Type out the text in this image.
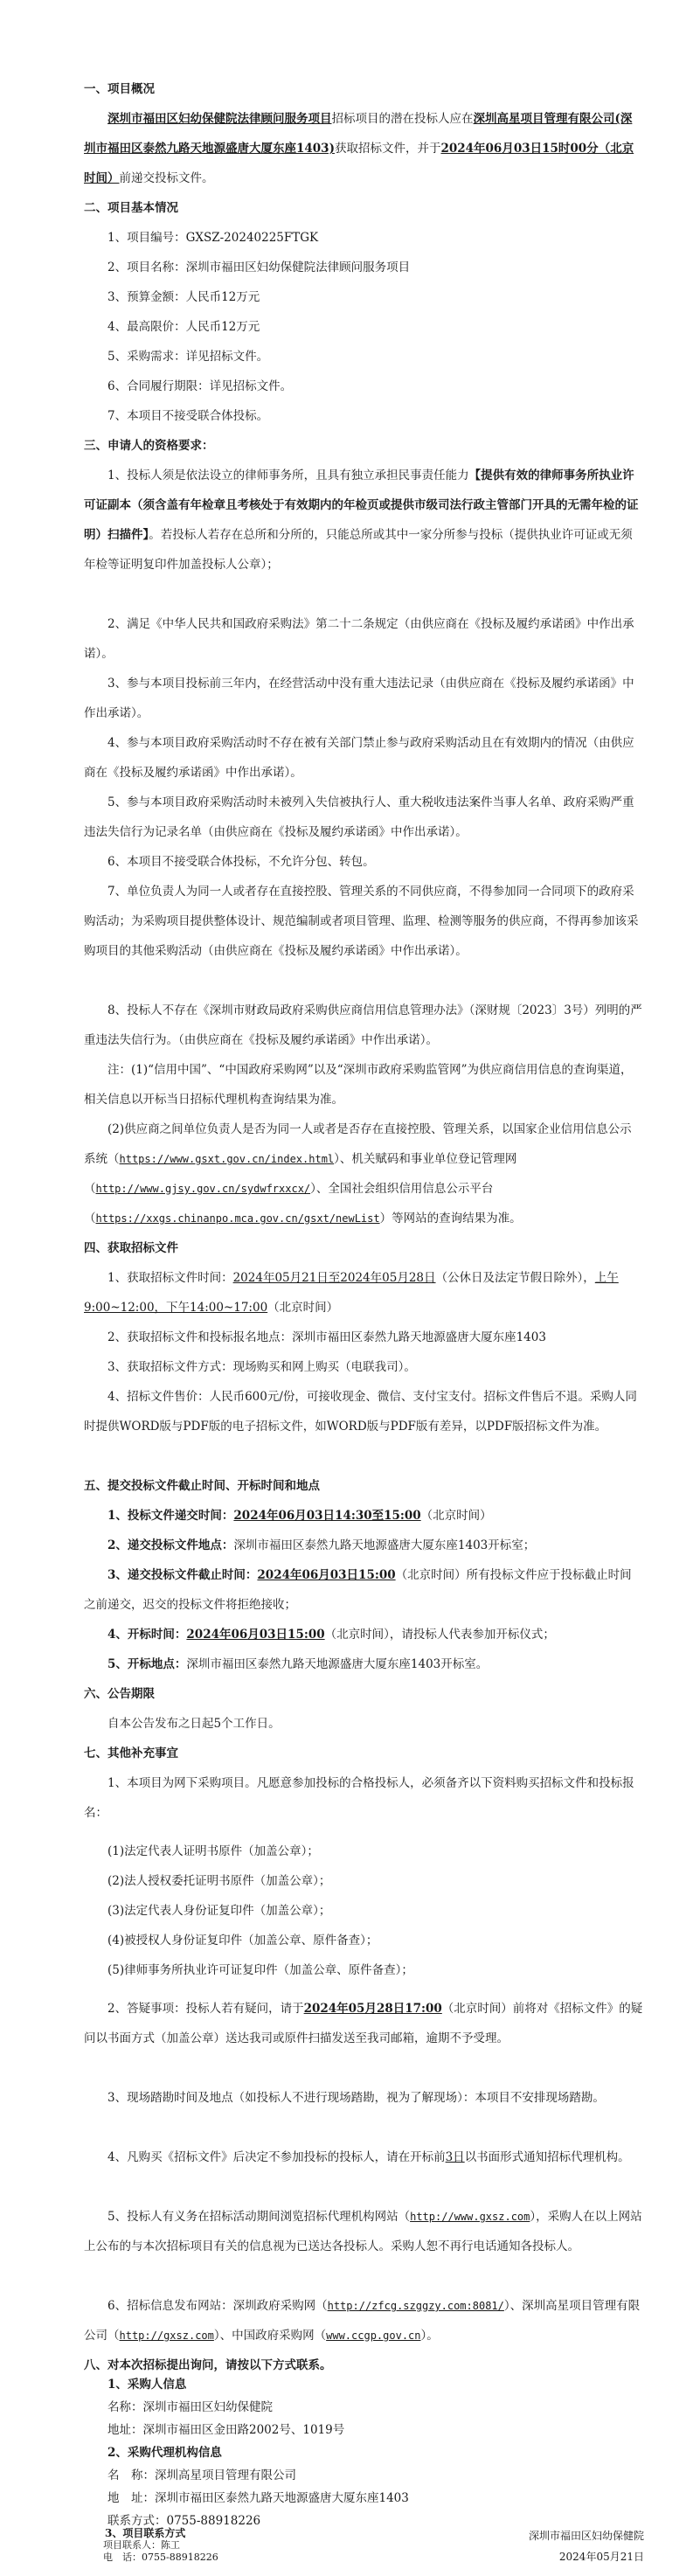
一、项目概况
深圳市福田区妇幼保健院法律顾问服务项目招标项目的潜在投标人应在深圳高星项目管理有限公司(深圳市福田区泰然九路天地源盛唐大厦东座1403)获取招标文件，并于2024年06月03日15时00分（北京时间）前递交投标文件。
二、项目基本情况
1、项目编号：GXSZ-20240225FTGK
2、项目名称：深圳市福田区妇幼保健院法律顾问服务项目
3、预算金额：人民币12万元
4、最高限价：人民币12万元
5、采购需求：详见招标文件。
6、合同履行期限：详见招标文件。
7、本项目不接受联合体投标。
三、申请人的资格要求：
1、投标人须是依法设立的律师事务所，且具有独立承担民事责任能力【提供有效的律师事务所执业许可证副本（须含盖有年检章且考核处于有效期内的年检页或提供市级司法行政主管部门开具的无需年检的证明）扫描件】。若投标人若存在总所和分所的，只能总所或其中一家分所参与投标（提供执业许可证或无须年检等证明复印件加盖投标人公章）；
2、满足《中华人民共和国政府采购法》第二十二条规定（由供应商在《投标及履约承诺函》中作出承诺）。
3、参与本项目投标前三年内，在经营活动中没有重大违法记录（由供应商在《投标及履约承诺函》中作出承诺）。
4、参与本项目政府采购活动时不存在被有关部门禁止参与政府采购活动且在有效期内的情况（由供应商在《投标及履约承诺函》中作出承诺）。
5、参与本项目政府采购活动时未被列入失信被执行人、重大税收违法案件当事人名单、政府采购严重违法失信行为记录名单（由供应商在《投标及履约承诺函》中作出承诺）。
6、本项目不接受联合体投标，不允许分包、转包。
7、单位负责人为同一人或者存在直接控股、管理关系的不同供应商，不得参加同一合同项下的政府采购活动；为采购项目提供整体设计、规范编制或者项目管理、监理、检测等服务的供应商，不得再参加该采购项目的其他采购活动（由供应商在《投标及履约承诺函》中作出承诺）。
8、投标人不存在《深圳市财政局政府采购供应商信用信息管理办法》（深财规〔2023〕3号）列明的严重违法失信行为。（由供应商在《投标及履约承诺函》中作出承诺）。
注：(1)“信用中国”、“中国政府采购网”以及“深圳市政府采购监管网”为供应商信用信息的查询渠道，相关信息以开标当日招标代理机构查询结果为准。
(2)供应商之间单位负责人是否为同一人或者是否存在直接控股、管理关系，以国家企业信用信息公示系统（https://www.gsxt.gov.cn/index.html）、机关赋码和事业单位登记管理网（http://www.gjsy.gov.cn/sydwfrxxcx/）、全国社会组织信用信息公示平台（https://xxgs.chinanpo.mca.gov.cn/gsxt/newList）等网站的查询结果为准。
四、获取招标文件
1、获取招标文件时间：2024年05月21日至2024年05月28日（公休日及法定节假日除外），上午9:00~12:00，下午14:00~17:00（北京时间）
2、获取招标文件和投标报名地点：深圳市福田区泰然九路天地源盛唐大厦东座1403
3、获取招标文件方式：现场购买和网上购买（电联我司）。
4、招标文件售价：人民币600元/份，可接收现金、微信、支付宝支付。招标文件售后不退。采购人同时提供WORD版与PDF版的电子招标文件，如WORD版与PDF版有差异，以PDF版招标文件为准。
五、提交投标文件截止时间、开标时间和地点
1、投标文件递交时间：2024年06月03日14:30至15:00（北京时间）
2、递交投标文件地点：深圳市福田区泰然九路天地源盛唐大厦东座1403开标室；
3、递交投标文件截止时间：2024年06月03日15:00（北京时间）所有投标文件应于投标截止时间之前递交，迟交的投标文件将拒绝接收；
4、开标时间：2024年06月03日15:00（北京时间），请投标人代表参加开标仪式；
5、开标地点：深圳市福田区泰然九路天地源盛唐大厦东座1403开标室。
六、公告期限
自本公告发布之日起5个工作日。
七、其他补充事宜
1、本项目为网下采购项目。凡愿意参加投标的合格投标人，必须备齐以下资料购买招标文件和投标报名：
(1)法定代表人证明书原件（加盖公章）；
(2)法人授权委托证明书原件（加盖公章）；
(3)法定代表人身份证复印件（加盖公章）；
(4)被授权人身份证复印件（加盖公章、原件备查）；
(5)律师事务所执业许可证复印件（加盖公章、原件备查）；
2、答疑事项：投标人若有疑问，请于2024年05月28日17:00（北京时间）前将对《招标文件》的疑问以书面方式（加盖公章）送达我司或原件扫描发送至我司邮箱，逾期不予受理。
3、现场踏勘时间及地点（如投标人不进行现场踏勘，视为了解现场）：本项目不安排现场踏勘。
4、凡购买《招标文件》后决定不参加投标的投标人，请在开标前3日以书面形式通知招标代理机构。
5、投标人有义务在招标活动期间浏览招标代理机构网站（http://www.gxsz.com），采购人在以上网站上公布的与本次招标项目有关的信息视为已送达各投标人。采购人恕不再行电话通知各投标人。
6、招标信息发布网站：深圳政府采购网（http://zfcg.szggzy.com:8081/）、深圳高星项目管理有限公司（http://gxsz.com）、中国政府采购网（www.ccgp.gov.cn）。
八、对本次招标提出询问，请按以下方式联系。
1、采购人信息
名称：深圳市福田区妇幼保健院
地址：深圳市福田区金田路2002号、1019号
2、采购代理机构信息
名　称：深圳高星项目管理有限公司
地　址：深圳市福田区泰然九路天地源盛唐大厦东座1403
联系方式：0755-88918226
3、项目联系方式
项目联系人：陈工
电　话：0755-88918226
深圳市福田区妇幼保健院
2024年05月21日
